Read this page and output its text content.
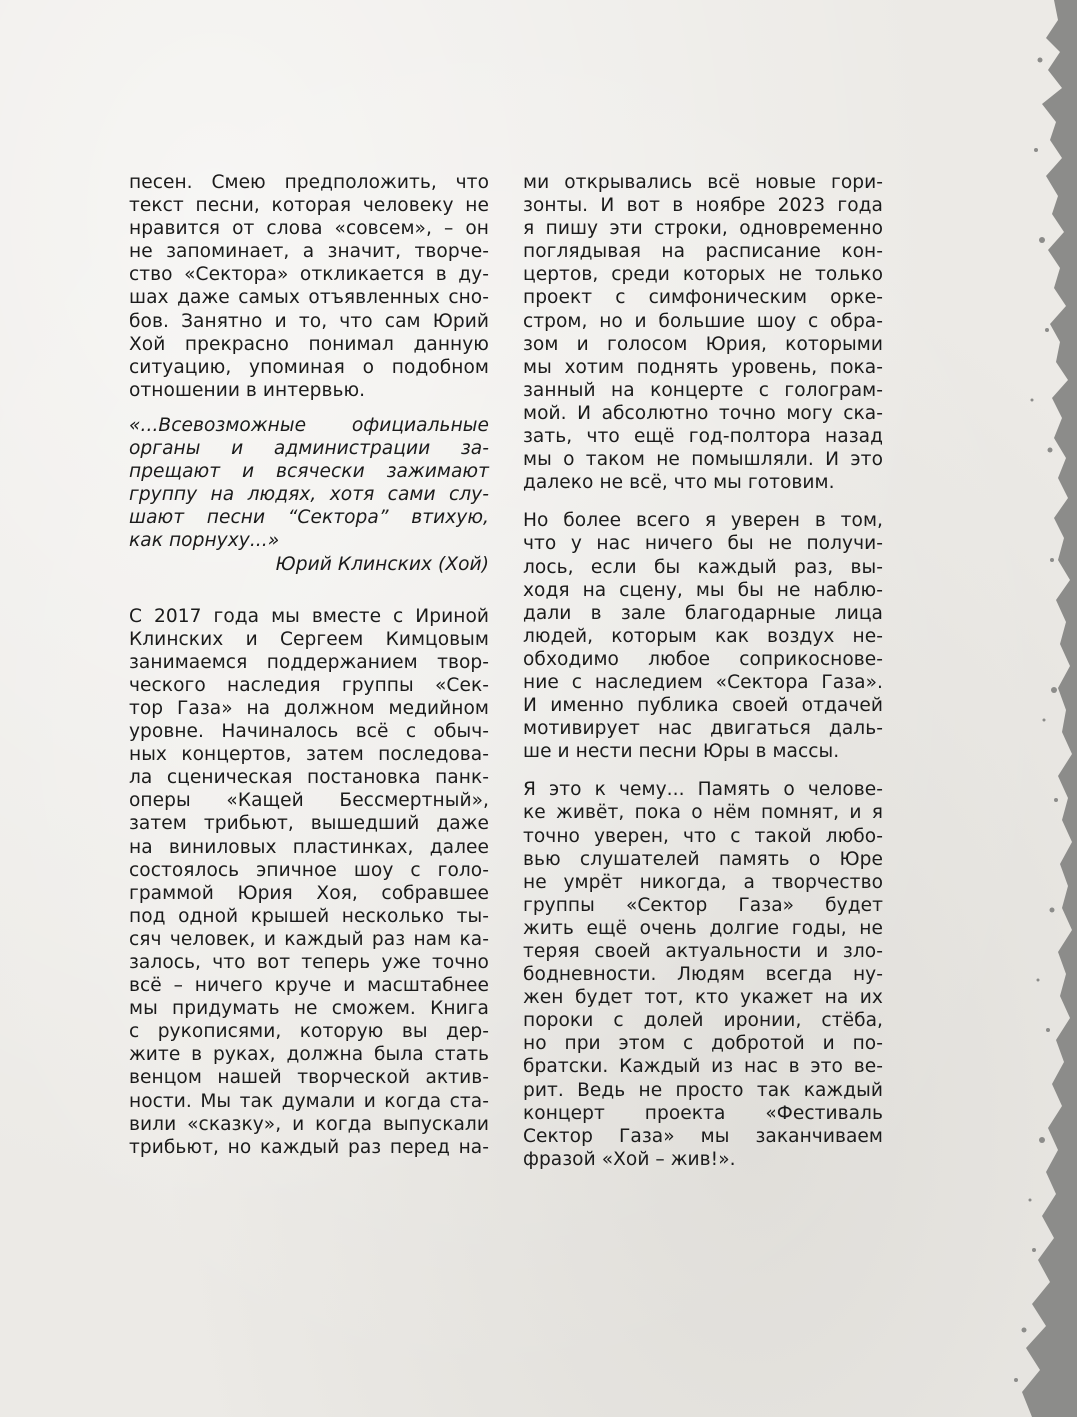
песен. Смею предположить, что
текст песни, которая человеку не
нравится от слова «совсем», – он
не запоминает, а значит, творче-
ство «Сектора» откликается в ду-
шах даже самых отъявленных сно-
бов. Занятно и то, что сам Юрий
Хой прекрасно понимал данную
ситуацию, упоминая о подобном
отношении в интервью.
«...Всевозможные официальные
органы и администрации за-
прещают и всячески зажимают
группу на людях, хотя сами слу-
шают песни “Сектора” втихую,
как порнуху...»
Юрий Клинских (Хой)
С 2017 года мы вместе с Ириной
Клинских и Сергеем Кимцовым
занимаемся поддержанием твор-
ческого наследия группы «Сек-
тор Газа» на должном медийном
уровне. Начиналось всё с обыч-
ных концертов, затем последова-
ла сценическая постановка панк-
оперы «Кащей Бессмертный»,
затем трибьют, вышедший даже
на виниловых пластинках, далее
состоялось эпичное шоу с голо-
граммой Юрия Хоя, собравшее
под одной крышей несколько ты-
сяч человек, и каждый раз нам ка-
залось, что вот теперь уже точно
всё – ничего круче и масштабнее
мы придумать не сможем. Книга
с рукописями, которую вы дер-
жите в руках, должна была стать
венцом нашей творческой актив-
ности. Мы так думали и когда ста-
вили «сказку», и когда выпускали
трибьют, но каждый раз перед на-
ми открывались всё новые гори-
зонты. И вот в ноябре 2023 года
я пишу эти строки, одновременно
поглядывая на расписание кон-
цертов, среди которых не только
проект с симфоническим орке-
стром, но и большие шоу с обра-
зом и голосом Юрия, которыми
мы хотим поднять уровень, пока-
занный на концерте с голограм-
мой. И абсолютно точно могу ска-
зать, что ещё год-полтора назад
мы о таком не помышляли. И это
далеко не всё, что мы готовим.
Но более всего я уверен в том,
что у нас ничего бы не получи-
лось, если бы каждый раз, вы-
ходя на сцену, мы бы не наблю-
дали в зале благодарные лица
людей, которым как воздух не-
обходимо любое соприкоснове-
ние с наследием «Сектора Газа».
И именно публика своей отдачей
мотивирует нас двигаться даль-
ше и нести песни Юры в массы.
Я это к чему... Память о челове-
ке живёт, пока о нём помнят, и я
точно уверен, что с такой любо-
вью слушателей память о Юре
не умрёт никогда, а творчество
группы «Сектор Газа» будет
жить ещё очень долгие годы, не
теряя своей актуальности и зло-
бодневности. Людям всегда ну-
жен будет тот, кто укажет на их
пороки с долей иронии, стёба,
но при этом с добротой и по-
братски. Каждый из нас в это ве-
рит. Ведь не просто так каждый
концерт проекта «Фестиваль
Сектор Газа» мы заканчиваем
фразой «Хой – жив!».
